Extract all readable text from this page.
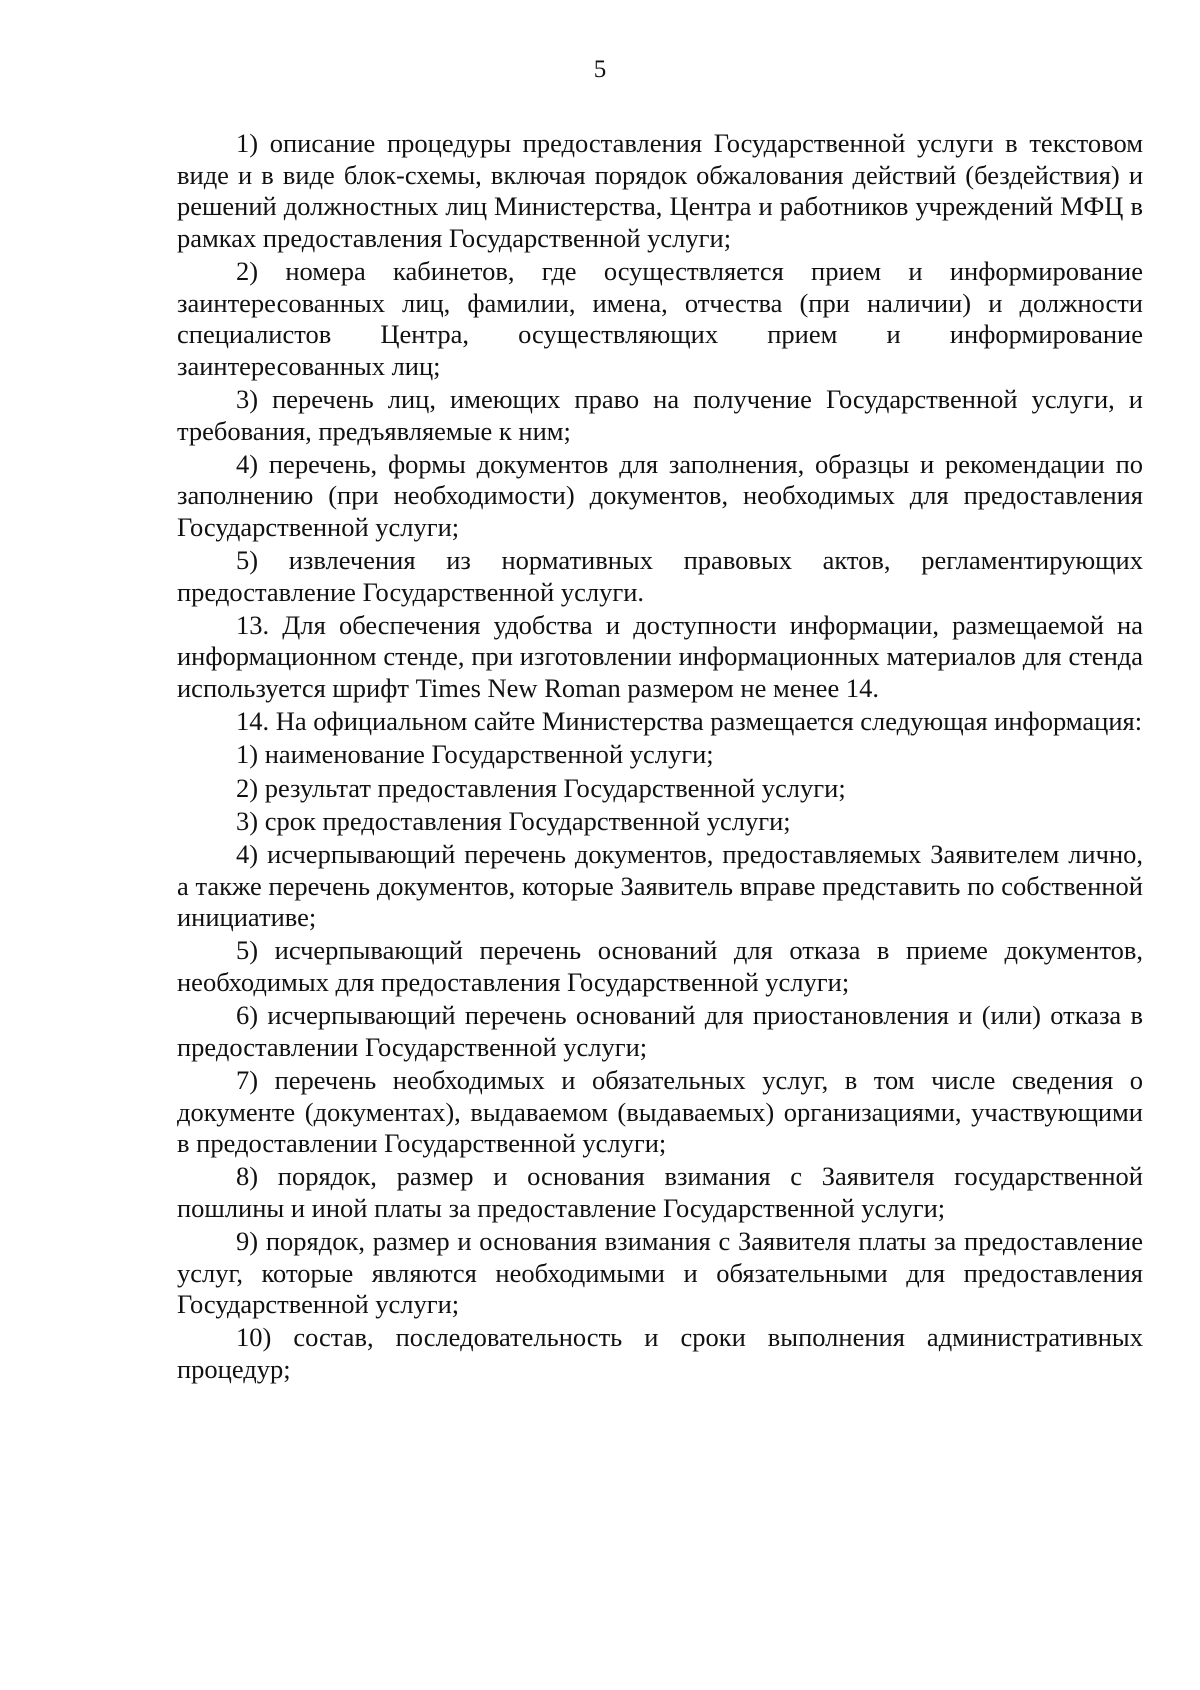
5

1) описание процедуры предоставления Государственной услуги в текстовом виде и в виде блок-схемы, включая порядок обжалования действий (бездействия) и решений должностных лиц Министерства, Центра и работников учреждений МФЦ в рамках предоставления Государственной услуги;

2) номера кабинетов, где осуществляется прием и информирование заинтересованных лиц, фамилии, имена, отчества (при наличии) и должности специалистов Центра, осуществляющих прием и информирование заинтересованных лиц;

3) перечень лиц, имеющих право на получение Государственной услуги, и требования, предъявляемые к ним;

4) перечень, формы документов для заполнения, образцы и рекомендации по заполнению (при необходимости) документов, необходимых для предоставления Государственной услуги;

5) извлечения из нормативных правовых актов, регламентирующих предоставление Государственной услуги.

13. Для обеспечения удобства и доступности информации, размещаемой на информационном стенде, при изготовлении информационных материалов для стенда используется шрифт Times New Roman размером не менее 14.

14. На официальном сайте Министерства размещается следующая информация:

1) наименование Государственной услуги;

2) результат предоставления Государственной услуги;

3) срок предоставления Государственной услуги;

4) исчерпывающий перечень документов, предоставляемых Заявителем лично, а также перечень документов, которые Заявитель вправе представить по собственной инициативе;

5) исчерпывающий перечень оснований для отказа в приеме документов, необходимых для предоставления Государственной услуги;

6) исчерпывающий перечень оснований для приостановления и (или) отказа в предоставлении Государственной услуги;

7) перечень необходимых и обязательных услуг, в том числе сведения о документе (документах), выдаваемом (выдаваемых) организациями, участвующими в предоставлении Государственной услуги;

8) порядок, размер и основания взимания с Заявителя государственной пошлины и иной платы за предоставление Государственной услуги;

9) порядок, размер и основания взимания с Заявителя платы за предоставление услуг, которые являются необходимыми и обязательными для предоставления Государственной услуги;

10) состав, последовательность и сроки выполнения административных процедур;
